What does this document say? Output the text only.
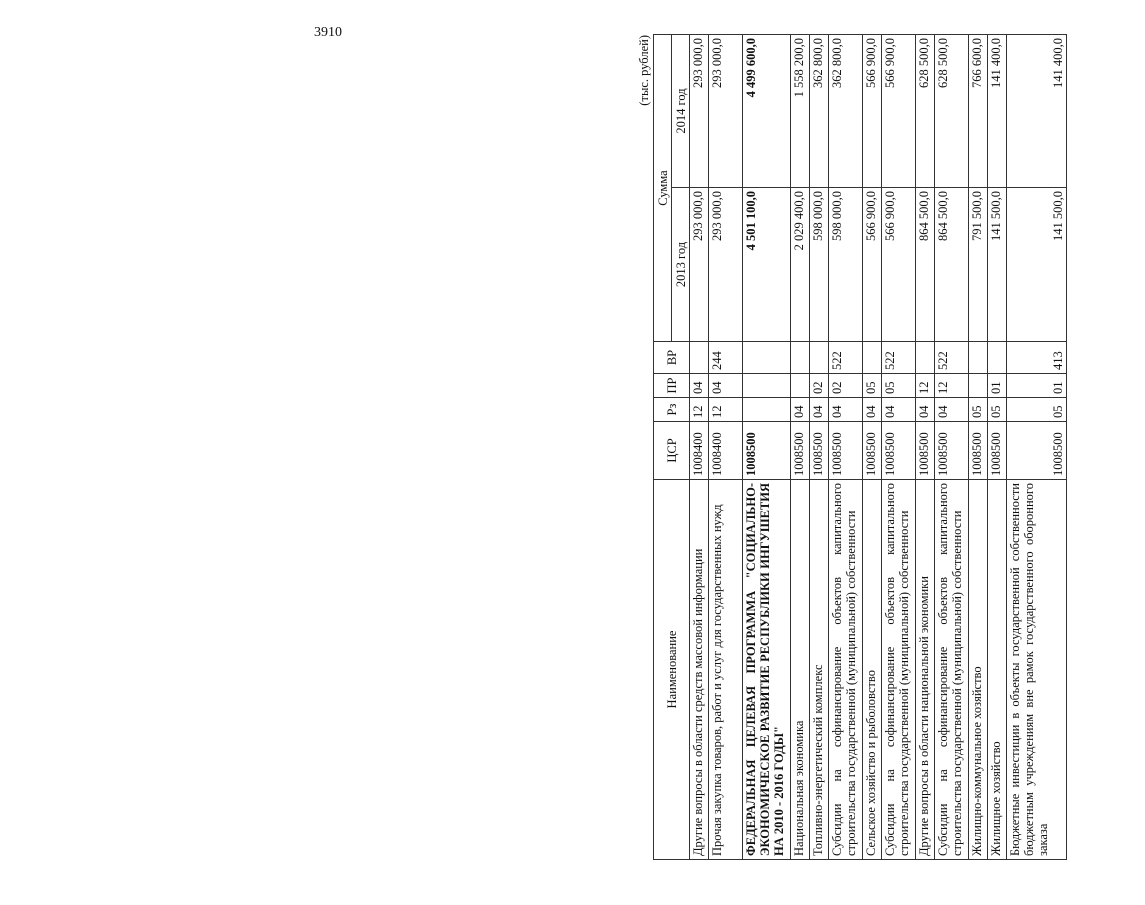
3910
(тыс. рублей)
Наименование	ЦСР	Рз	ПР	ВР	Сумма	
					2013 год	2014 год
Другие вопросы в области средств массовой информации	1008400	12	04		293 000,0	293 000,0
Прочая закупка товаров, работ и услуг для государственных нужд	1008400	12	04	244	293 000,0	293 000,0
ФЕДЕРАЛЬНАЯ ЦЕЛЕВАЯ ПРОГРАММА "СОЦИАЛЬНО-ЭКОНОМИЧЕСКОЕ РАЗВИТИЕ РЕСПУБЛИКИ ИНГУШЕТИЯ НА 2010 - 2016 ГОДЫ"	1008500				4 501 100,0	4 499 600,0
Национальная экономика	1008500	04			2 029 400,0	1 558 200,0
Топливно-энергетический комплекс	1008500	04	02		598 000,0	362 800,0
Субсидии на софинансирование объектов капитального строительства государственной (муниципальной) собственности	1008500	04	02	522	598 000,0	362 800,0
Сельское хозяйство и рыболовство	1008500	04	05		566 900,0	566 900,0
Субсидии на софинансирование объектов капитального строительства государственной (муниципальной) собственности	1008500	04	05	522	566 900,0	566 900,0
Другие вопросы в области национальной экономики	1008500	04	12		864 500,0	628 500,0
Субсидии на софинансирование объектов капитального строительства государственной (муниципальной) собственности	1008500	04	12	522	864 500,0	628 500,0
Жилищно-коммунальное хозяйство	1008500	05			791 500,0	766 600,0
Жилищное хозяйство	1008500	05	01		141 500,0	141 400,0
Бюджетные инвестиции в объекты государственной собственности бюджетным учреждениям вне рамок государственного оборонного заказа	1008500	05	01	413	141 500,0	141 400,0
